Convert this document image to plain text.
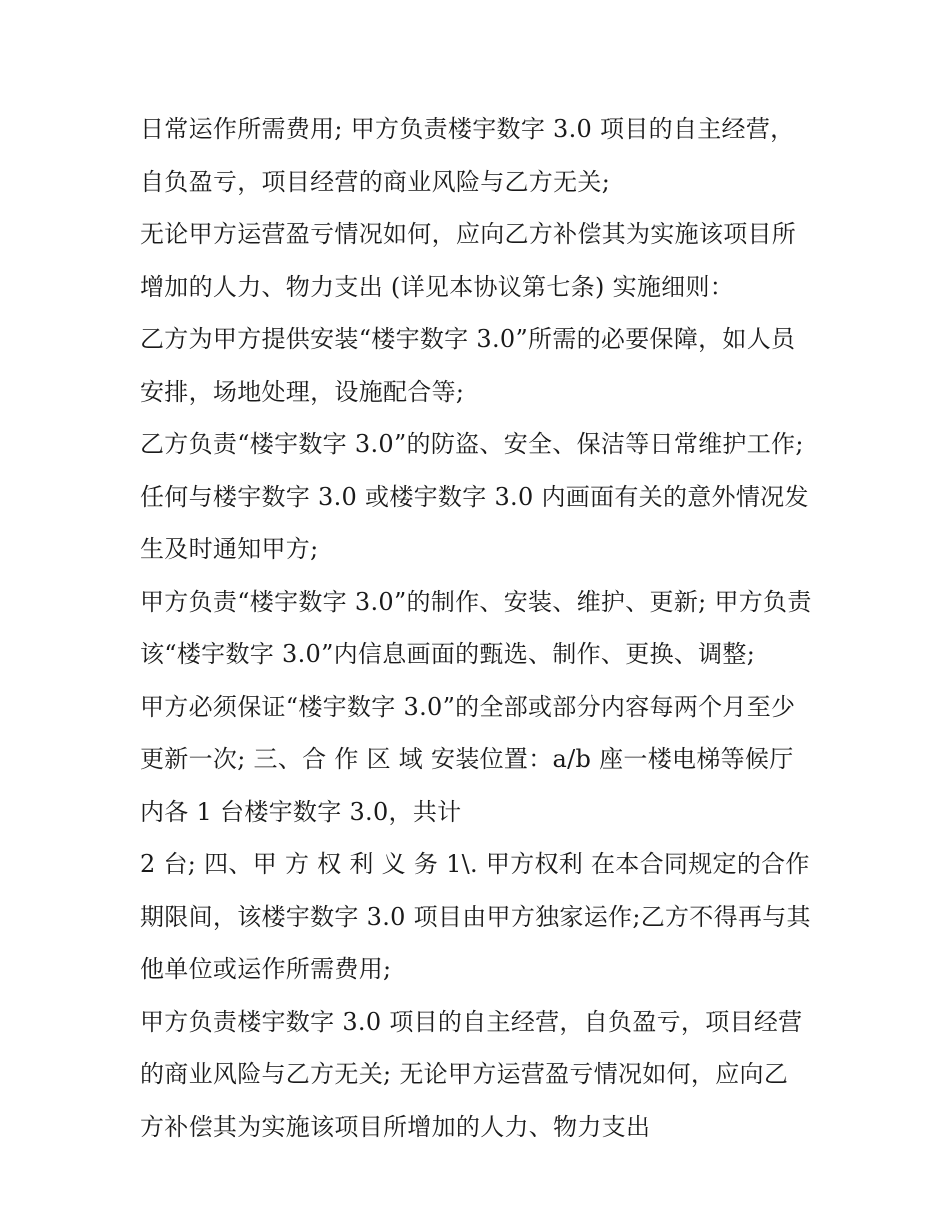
日常运作所需费用; 甲方负责楼宇数字 3.0 项目的自主经营，
自负盈亏，项目经营的商业风险与乙方无关;
无论甲方运营盈亏情况如何，应向乙方补偿其为实施该项目所
增加的人力、物力支出 (详见本协议第七条) 实施细则：
乙方为甲方提供安装“楼宇数字 3.0”所需的必要保障，如人员
安排，场地处理，设施配合等;
乙方负责“楼宇数字 3.0”的防盗、安全、保洁等日常维护工作;
任何与楼宇数字 3.0 或楼宇数字 3.0 内画面有关的意外情况发
生及时通知甲方;
甲方负责“楼宇数字 3.0”的制作、安装、维护、更新; 甲方负责
该“楼宇数字 3.0”内信息画面的甄选、制作、更换、调整;
甲方必须保证“楼宇数字 3.0”的全部或部分内容每两个月至少
更新一次; 三、合 作 区 域 安装位置：a/b 座一楼电梯等候厅
内各 1 台楼宇数字 3.0，共计
2 台; 四、甲 方 权 利 义 务 1\. 甲方权利 在本合同规定的合作
期限间，该楼宇数字 3.0 项目由甲方独家运作;乙方不得再与其
他单位或运作所需费用;
甲方负责楼宇数字 3.0 项目的自主经营，自负盈亏，项目经营
的商业风险与乙方无关; 无论甲方运营盈亏情况如何，应向乙
方补偿其为实施该项目所增加的人力、物力支出
